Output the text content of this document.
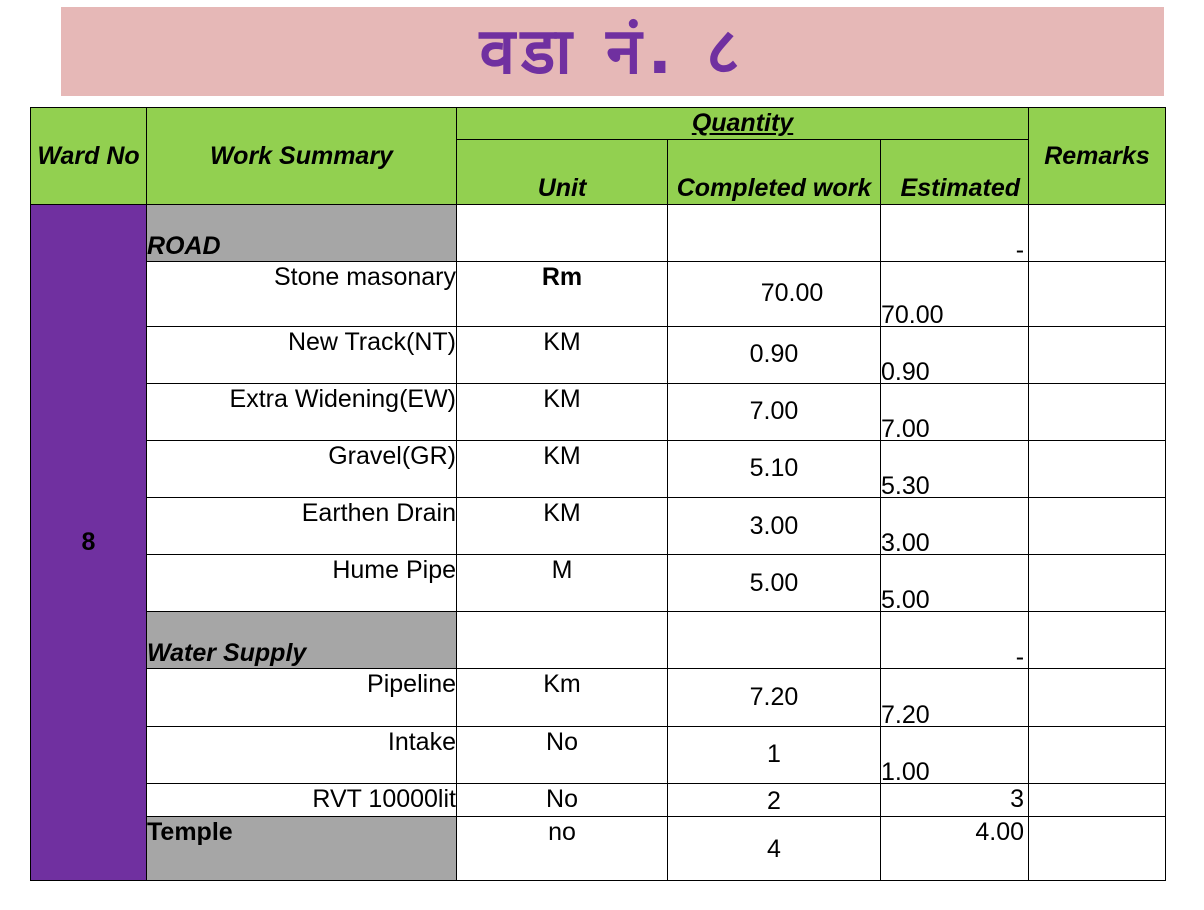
वडा नं. ८
Ward No	Work Summary	Quantity			Remarks
		Unit	Completed work	Estimated	
8	ROAD			-	
	Stone masonary	Rm	70.00	70.00	
	New Track(NT)	KM	0.90	0.90	
	Extra Widening(EW)	KM	7.00	7.00	
	Gravel(GR)	KM	5.10	5.30	
	Earthen Drain	KM	3.00	3.00	
	Hume Pipe	M	5.00	5.00	
	Water Supply			-	
	Pipeline	Km	7.20	7.20	
	Intake	No	1	1.00	
	RVT 10000lit	No	2	3	
	Temple	no	4	4.00	
